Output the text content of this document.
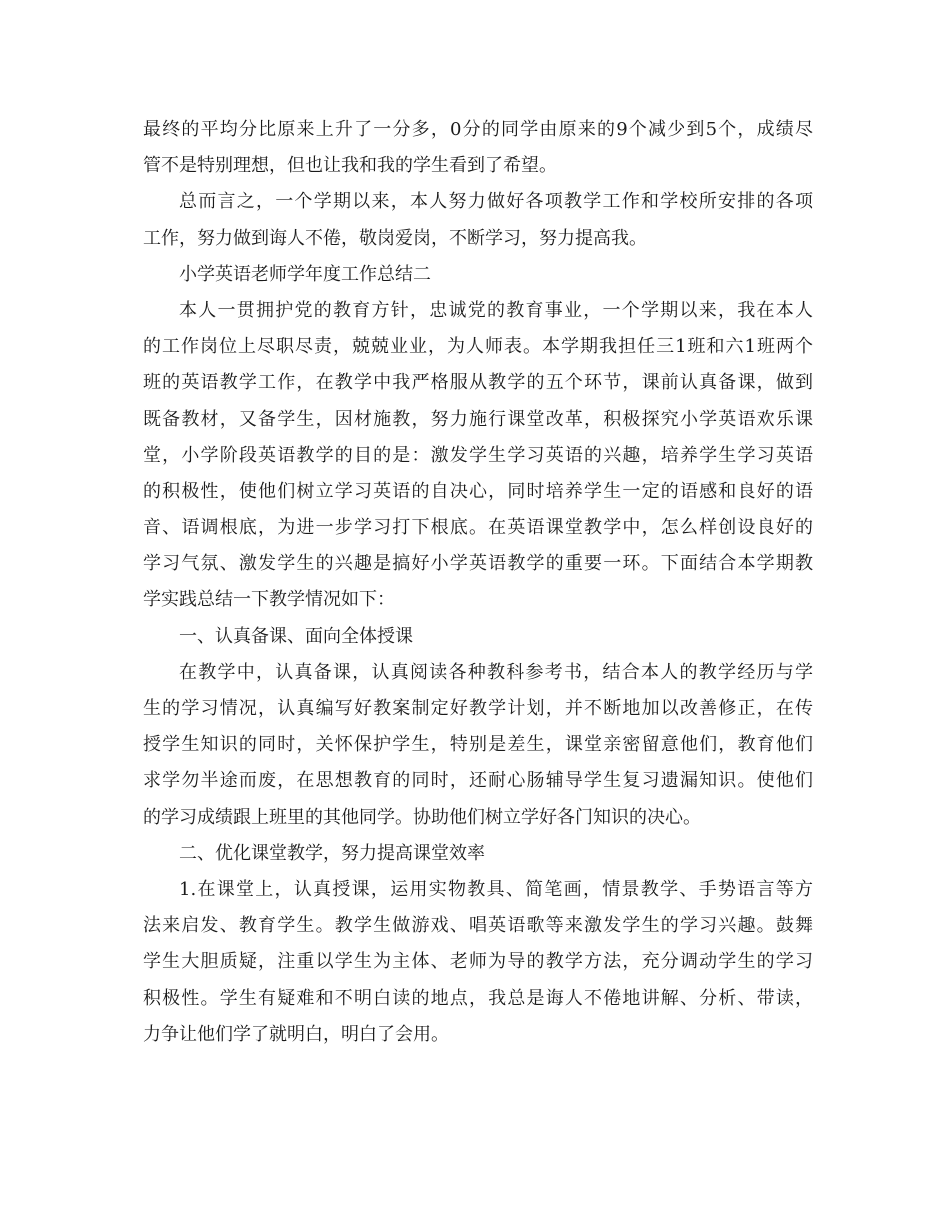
最终的平均分比原来上升了一分多，0分的同学由原来的9个减少到5个，成绩尽
管不是特别理想，但也让我和我的学生看到了希望。
总而言之，一个学期以来，本人努力做好各项教学工作和学校所安排的各项
工作，努力做到诲人不倦，敬岗爱岗，不断学习，努力提高我。
小学英语老师学年度工作总结二
本人一贯拥护党的教育方针，忠诚党的教育事业，一个学期以来，我在本人
的工作岗位上尽职尽责，兢兢业业，为人师表。本学期我担任三1班和六1班两个
班的英语教学工作，在教学中我严格服从教学的五个环节，课前认真备课，做到
既备教材，又备学生，因材施教，努力施行课堂改革，积极探究小学英语欢乐课
堂，小学阶段英语教学的目的是：激发学生学习英语的兴趣，培养学生学习英语
的积极性，使他们树立学习英语的自决心，同时培养学生一定的语感和良好的语
音、语调根底，为进一步学习打下根底。在英语课堂教学中，怎么样创设良好的
学习气氛、激发学生的兴趣是搞好小学英语教学的重要一环。下面结合本学期教
学实践总结一下教学情况如下：
一、认真备课、面向全体授课
在教学中，认真备课，认真阅读各种教科参考书，结合本人的教学经历与学
生的学习情况，认真编写好教案制定好教学计划，并不断地加以改善修正，在传
授学生知识的同时，关怀保护学生，特别是差生，课堂亲密留意他们，教育他们
求学勿半途而废，在思想教育的同时，还耐心肠辅导学生复习遗漏知识。使他们
的学习成绩跟上班里的其他同学。协助他们树立学好各门知识的决心。
二、优化课堂教学，努力提高课堂效率
1.在课堂上，认真授课，运用实物教具、简笔画，情景教学、手势语言等方
法来启发、教育学生。教学生做游戏、唱英语歌等来激发学生的学习兴趣。鼓舞
学生大胆质疑，注重以学生为主体、老师为导的教学方法，充分调动学生的学习
积极性。学生有疑难和不明白读的地点，我总是诲人不倦地讲解、分析、带读，
力争让他们学了就明白，明白了会用。
